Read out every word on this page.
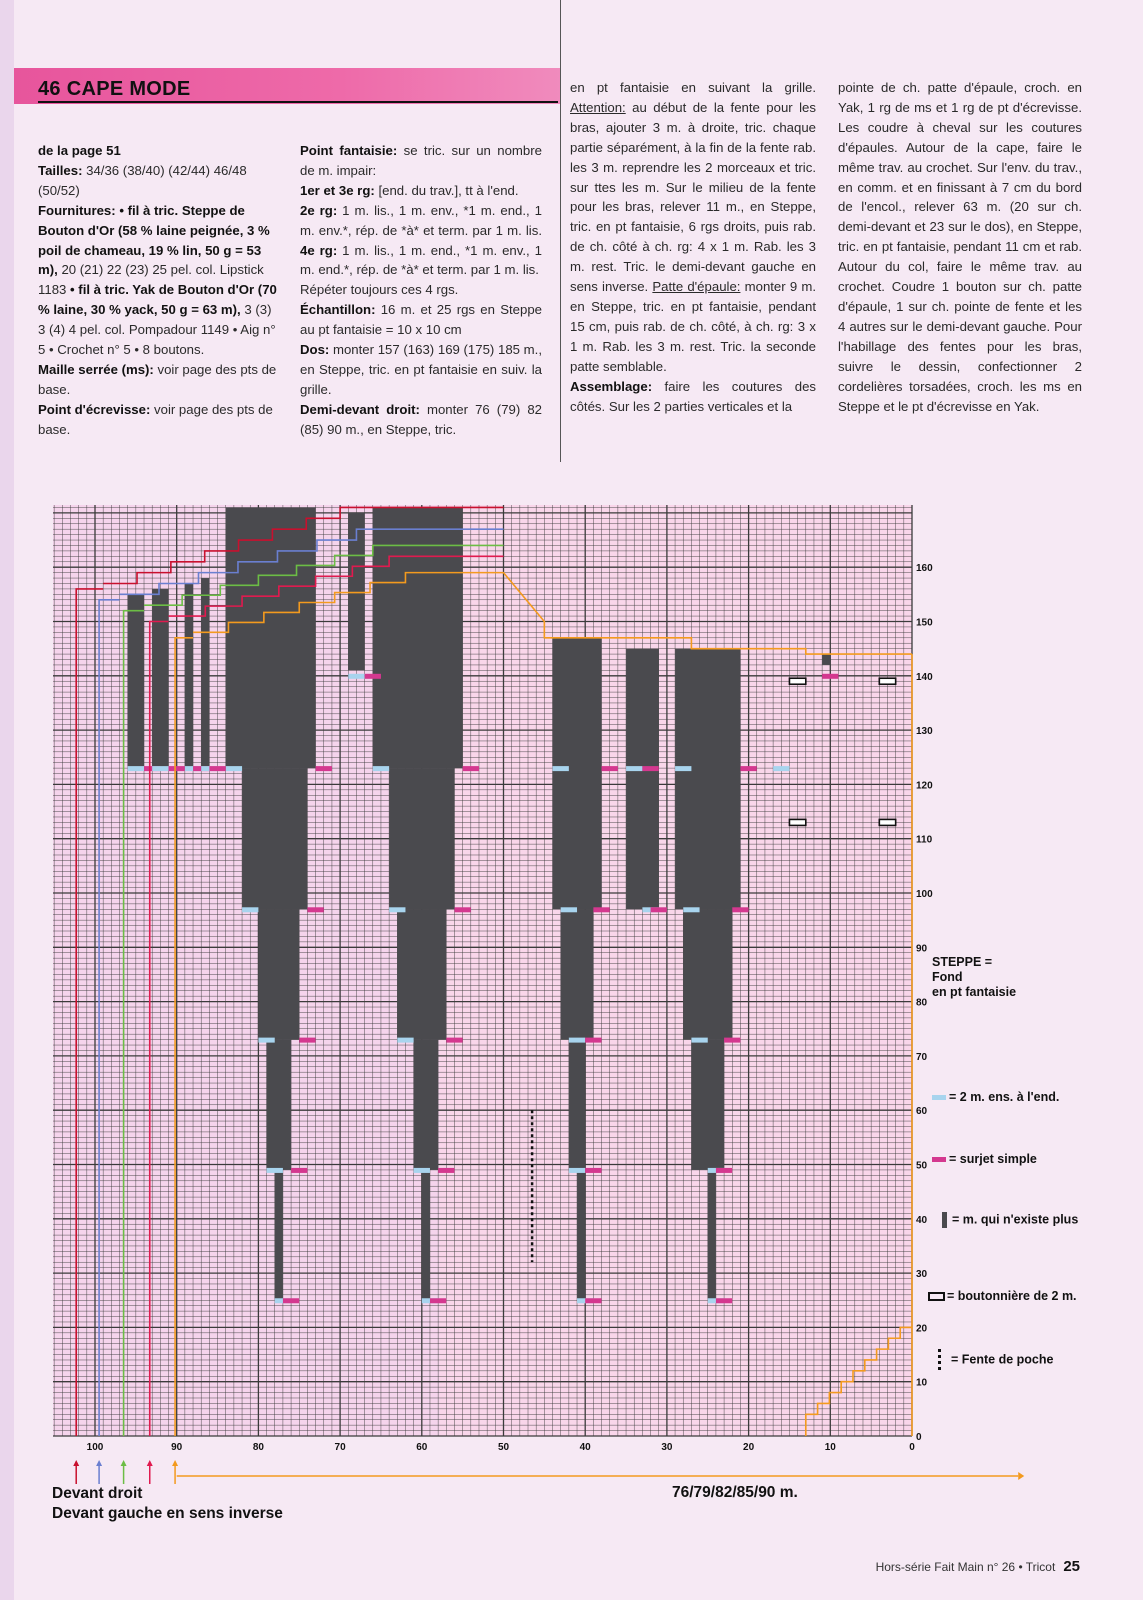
46 CAPE MODE
de la page 51
Tailles: 34/36 (38/40) (42/44) 46/48 (50/52)
Fournitures: • fil à tric. Steppe de Bouton d'Or (58 % laine peignée, 3 % poil de chameau, 19 % lin, 50 g = 53 m), 20 (21) 22 (23) 25 pel. col. Lipstick 1183 • fil à tric. Yak de Bouton d'Or (70 % laine, 30 % yack, 50 g = 63 m), 3 (3) 3 (4) 4 pel. col. Pompadour 1149 • Aig n° 5 • Crochet n° 5 • 8 boutons.
Maille serrée (ms): voir page des pts de base.
Point d'écrevisse: voir page des pts de base.
Point fantaisie: se tric. sur un nombre de m. impair:
1er et 3e rg: [end. du trav.], tt à l'end.
2e rg: 1 m. lis., 1 m. env., *1 m. end., 1 m. env.*, rép. de *à* et term. par 1 m. lis. 4e rg: 1 m. lis., 1 m. end., *1 m. env., 1 m. end.*, rép. de *à* et term. par 1 m. lis.
Répéter toujours ces 4 rgs.
Échantillon: 16 m. et 25 rgs en Steppe au pt fantaisie = 10 x 10 cm
Dos: monter 157 (163) 169 (175) 185 m., en Steppe, tric. en pt fantaisie en suiv. la grille.
Demi-devant droit: monter 76 (79) 82 (85) 90 m., en Steppe, tric.
en pt fantaisie en suivant la grille. Attention: au début de la fente pour les bras, ajouter 3 m. à droite, tric. chaque partie séparément, à la fin de la fente rab. les 3 m. reprendre les 2 morceaux et tric. sur ttes les m. Sur le milieu de la fente pour les bras, relever 11 m., en Steppe, tric. en pt fantaisie, 6 rgs droits, puis rab. de ch. côté à ch. rg: 4 x 1 m. Rab. les 3 m. rest. Tric. le demi-devant gauche en sens inverse. Patte d'épaule: monter 9 m. en Steppe, tric. en pt fantaisie, pendant 15 cm, puis rab. de ch. côté, à ch. rg: 3 x 1 m. Rab. les 3 m. rest. Tric. la seconde patte semblable.
Assemblage: faire les coutures des côtés. Sur les 2 parties verticales et la
pointe de ch. patte d'épaule, croch. en Yak, 1 rg de ms et 1 rg de pt d'écrevisse. Les coudre à cheval sur les coutures d'épaules. Autour de la cape, faire le même trav. au crochet. Sur l'env. du trav., en comm. et en finissant à 7 cm du bord de l'encol., relever 63 m. (20 sur ch. demi-devant et 23 sur le dos), en Steppe, tric. en pt fantaisie, pendant 11 cm et rab. Autour du col, faire le même trav. au crochet. Coudre 1 bouton sur ch. patte d'épaule, 1 sur ch. pointe de fente et les 4 autres sur le demi-devant gauche. Pour l'habillage des fentes pour les bras, suivre le dessin, confectionner 2 cordelières torsadées, croch. les ms en Steppe et le pt d'écrevisse en Yak.
100	90	80	70	60	50	40	30	20	10	0
0
10
20
30
40
50
60
70
80
90
100
110
120
130
140
150
160
STEPPE =
Fond
en pt fantaisie
= 2 m. ens. à l'end.
= surjet simple
= m. qui n'existe plus
= boutonnière de 2 m.
= Fente de poche
Devant droit
Devant gauche en sens inverse
76/79/82/85/90 m.
Hors-série Fait Main n° 26 • Tricot 25
